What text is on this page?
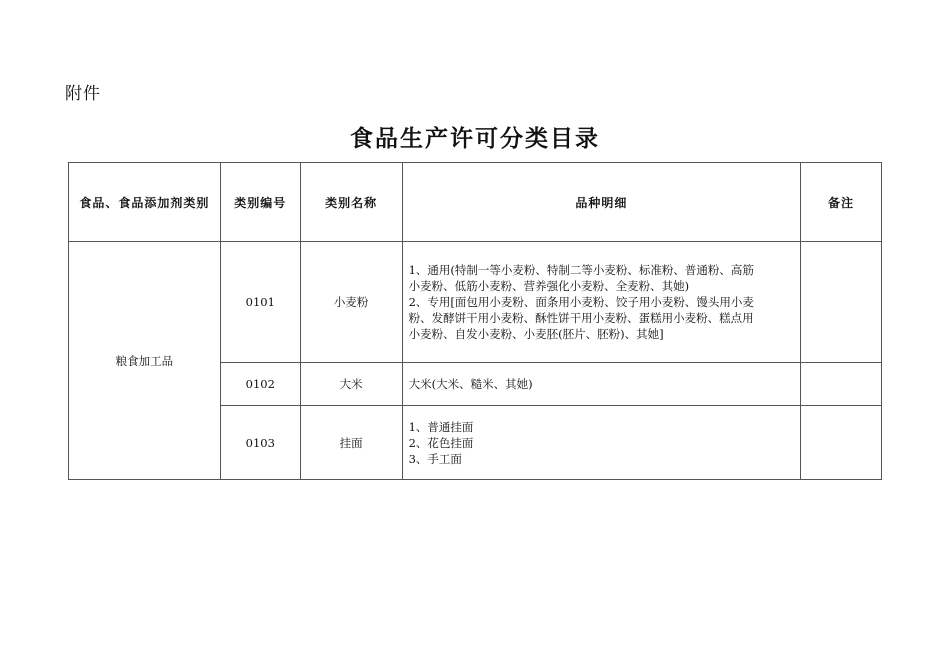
附件
食品生产许可分类目录
食品、食品添加剂类别	类别编号	类别名称	品种明细	备注
粮食加工品	0101	小麦粉	1、通用(特制一等小麦粉、特制二等小麦粉、标准粉、普通粉、高筋
小麦粉、低筋小麦粉、营养强化小麦粉、全麦粉、其她)
2、专用[面包用小麦粉、面条用小麦粉、饺子用小麦粉、馒头用小麦
粉、发酵饼干用小麦粉、酥性饼干用小麦粉、蛋糕用小麦粉、糕点用
小麦粉、自发小麦粉、小麦胚(胚片、胚粉)、其她]	

	0102	大米	大米(大米、糙米、其她)	

	0103	挂面	1、普通挂面
2、花色挂面
3、手工面	
